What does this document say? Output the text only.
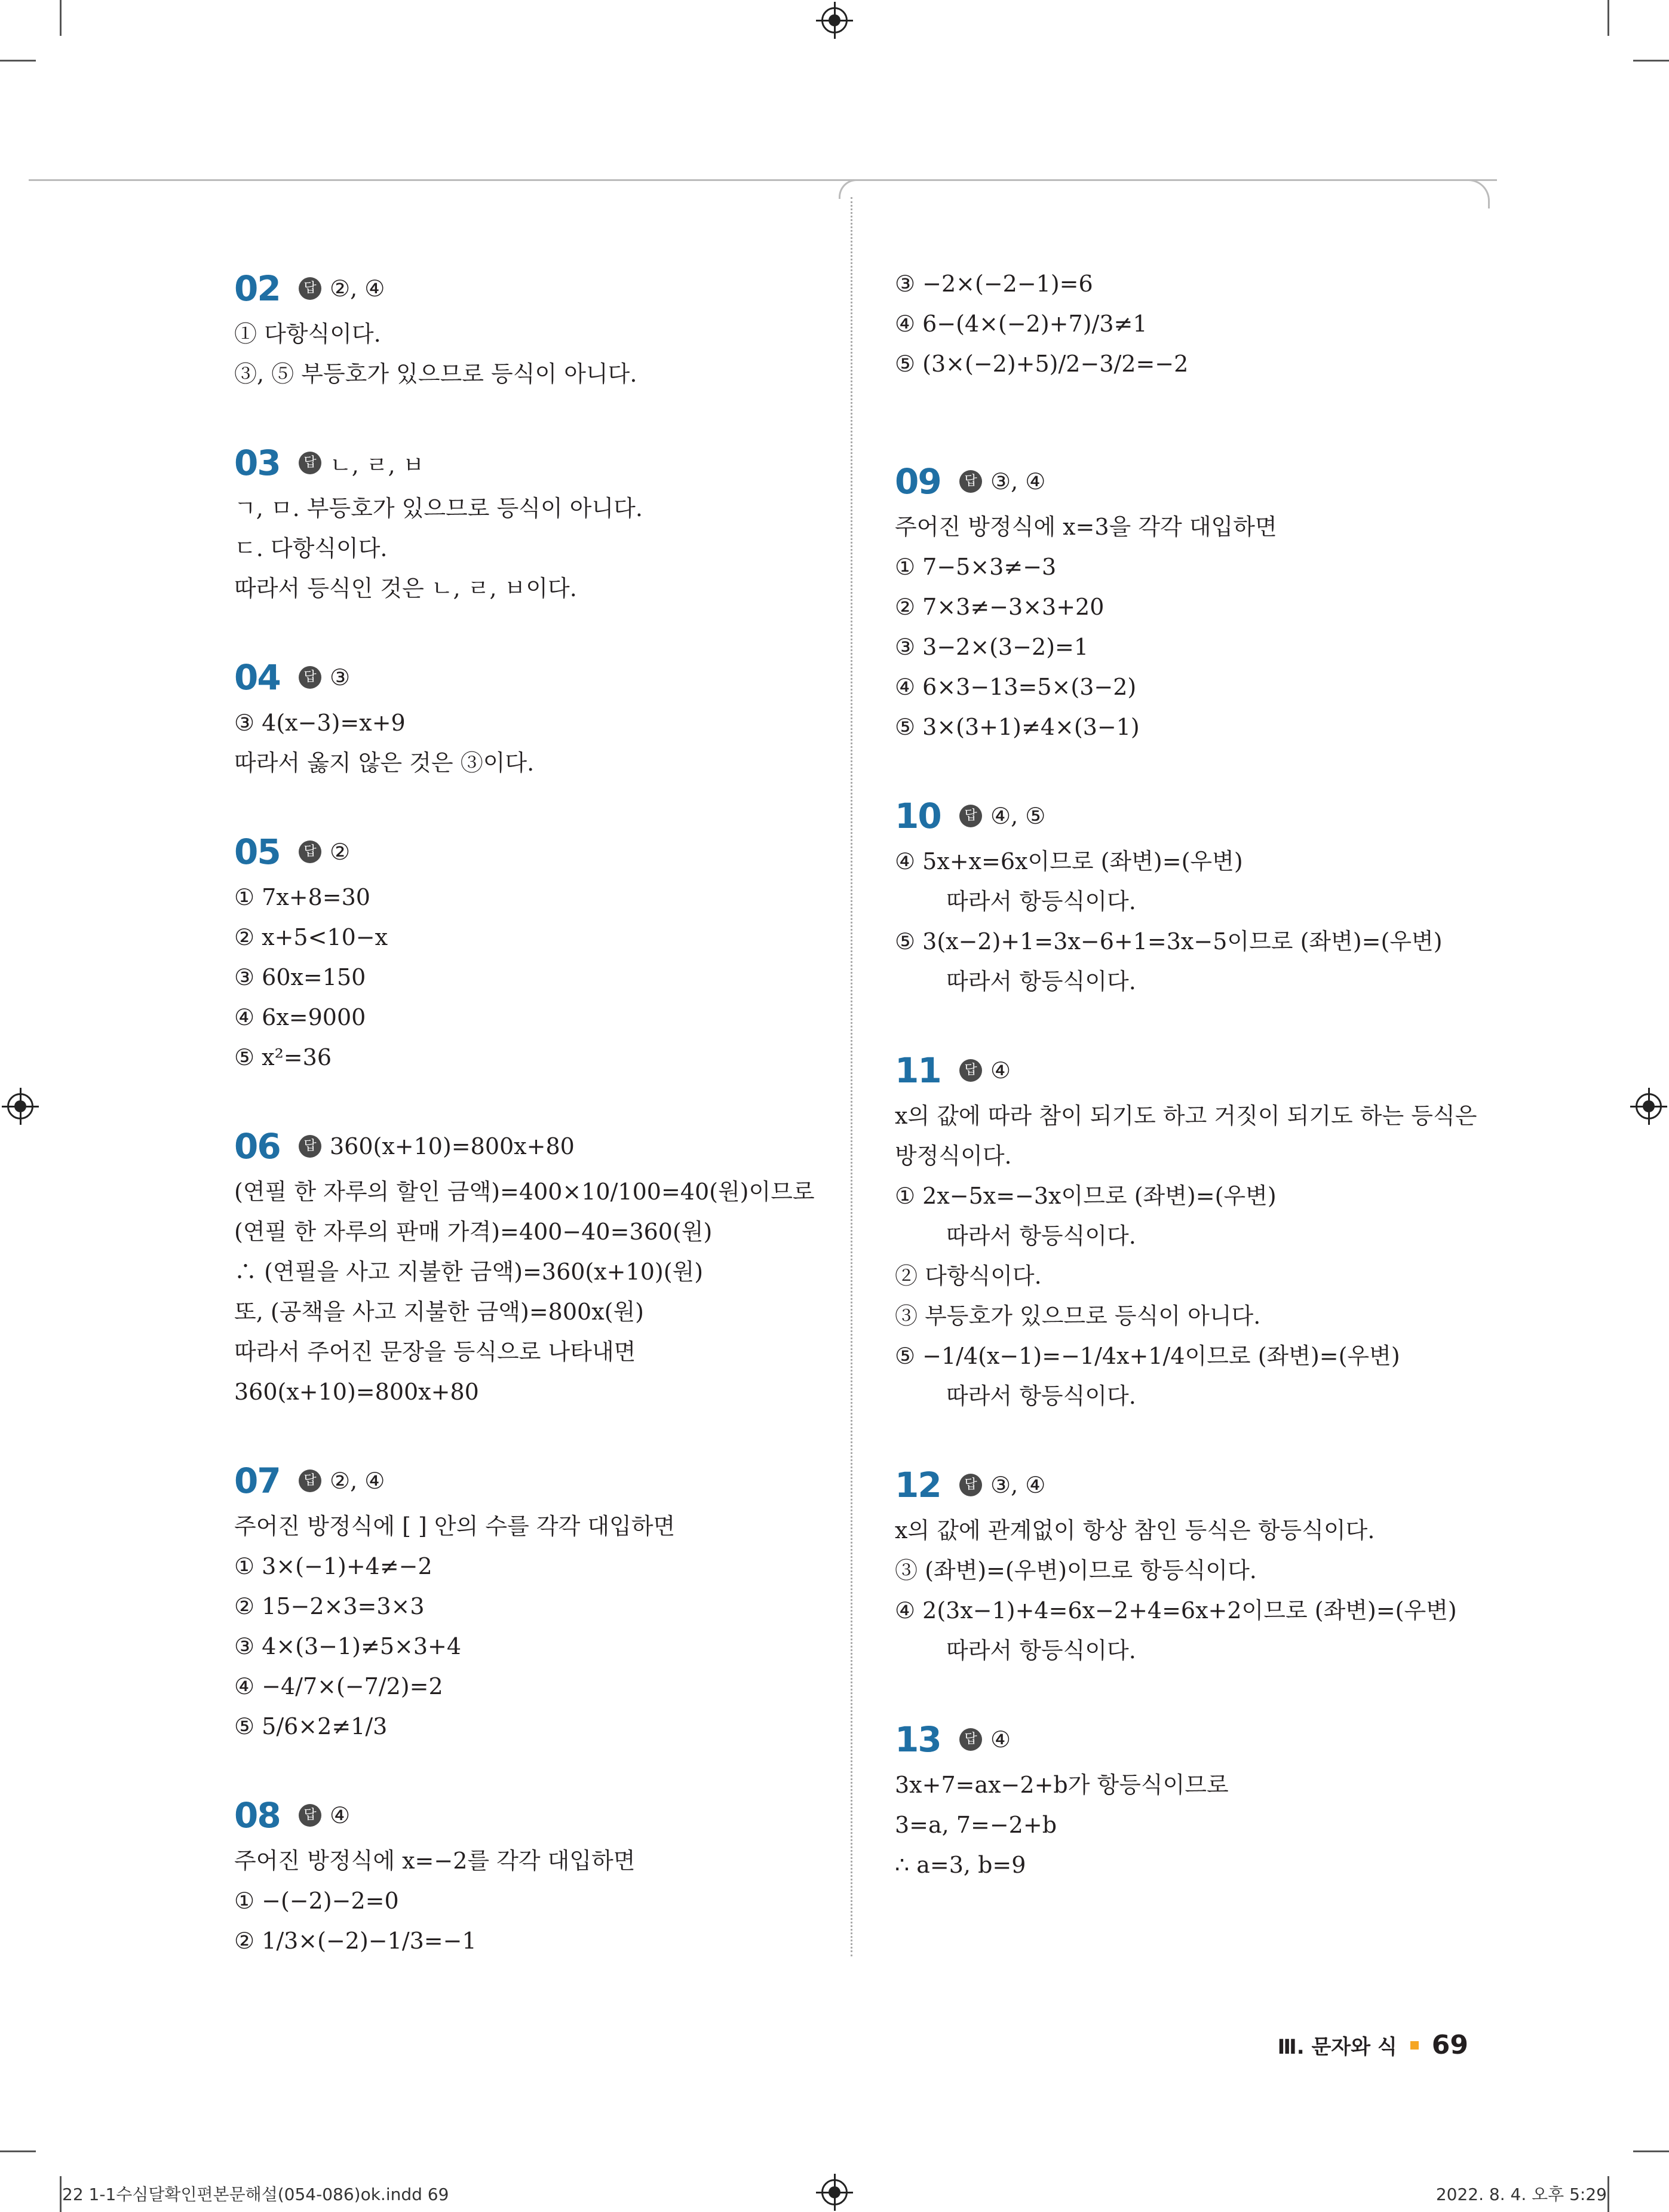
02	답 ②, ④
① 다항식이다.
③, ⑤ 부등호가 있으므로 등식이 아니다.
03	답 ㄴ, ㄹ, ㅂ
ㄱ, ㅁ. 부등호가 있으므로 등식이 아니다.
ㄷ. 다항식이다.
따라서 등식인 것은 ㄴ, ㄹ, ㅂ이다.
04	답 ③
③ 4(x−3)=x+9
따라서 옳지 않은 것은 ③이다.
05	답 ②
① 7x+8=30
② x+5<10−x
③ 60x=150
④ 6x=9000
⑤ x²=36
06	답 360(x+10)=800x+80
(연필 한 자루의 할인 금액)=400×10/100=40(원)이므로
(연필 한 자루의 판매 가격)=400−40=360(원)
∴ (연필을 사고 지불한 금액)=360(x+10)(원)
또, (공책을 사고 지불한 금액)=800x(원)
따라서 주어진 문장을 등식으로 나타내면
360(x+10)=800x+80
07	답 ②, ④
주어진 방정식에 [ ] 안의 수를 각각 대입하면
① 3×(−1)+4≠−2
② 15−2×3=3×3
③ 4×(3−1)≠5×3+4
④ −4/7×(−7/2)=2
⑤ 5/6×2≠1/3
08	답 ④
주어진 방정식에 x=−2를 각각 대입하면
① −(−2)−2=0
② 1/3×(−2)−1/3=−1
③ −2×(−2−1)=6
④ 6−(4×(−2)+7)/3≠1
⑤ (3×(−2)+5)/2−3/2=−2
09	답 ③, ④
주어진 방정식에 x=3을 각각 대입하면
① 7−5×3≠−3
② 7×3≠−3×3+20
③ 3−2×(3−2)=1
④ 6×3−13=5×(3−2)
⑤ 3×(3+1)≠4×(3−1)
10	답 ④, ⑤
④ 5x+x=6x이므로 (좌변)=(우변)
따라서 항등식이다.
⑤ 3(x−2)+1=3x−6+1=3x−5이므로 (좌변)=(우변)
따라서 항등식이다.
11	답 ④
x의 값에 따라 참이 되기도 하고 거짓이 되기도 하는 등식은
방정식이다.
① 2x−5x=−3x이므로 (좌변)=(우변)
따라서 항등식이다.
② 다항식이다.
③ 부등호가 있으므로 등식이 아니다.
⑤ −1/4(x−1)=−1/4x+1/4이므로 (좌변)=(우변)
따라서 항등식이다.
12	답 ③, ④
x의 값에 관계없이 항상 참인 등식은 항등식이다.
③ (좌변)=(우변)이므로 항등식이다.
④ 2(3x−1)+4=6x−2+4=6x+2이므로 (좌변)=(우변)
따라서 항등식이다.
13	답 ④
3x+7=ax−2+b가 항등식이므로
3=a, 7=−2+b
∴ a=3, b=9
Ⅲ. 문자와 식 69
22 1-1수심달확인편본문해설(054-086)ok.indd 69	2022. 8. 4. 오후 5:29
